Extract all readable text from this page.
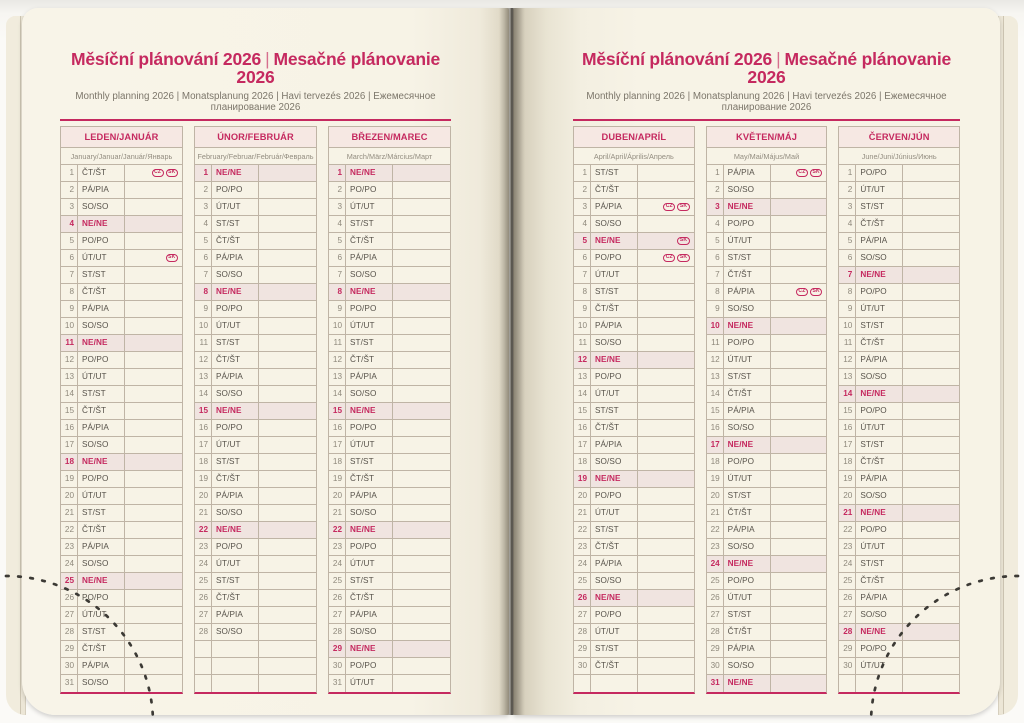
Měsíční plánování 2026 | Mesačné plánovanie 2026
Monthly planning 2026 | Monatsplanung 2026 | Havi tervezés 2026 | Ежемесячное планирование 2026
LEDEN/JANUÁR
January/Januar/Január/Январь
1 ČT/ŠT	CZ	SK
2 PÁ/PIA
3 SO/SO
4 NE/NE
5 PO/PO
6 ÚT/UT	SK
7 ST/ST
8 ČT/ŠT
9 PÁ/PIA
10 SO/SO
11 NE/NE
12 PO/PO
13 ÚT/UT
14 ST/ST
15 ČT/ŠT
16 PÁ/PIA
17 SO/SO
18 NE/NE
19 PO/PO
20 ÚT/UT
21 ST/ST
22 ČT/ŠT
23 PÁ/PIA
24 SO/SO
25 NE/NE
26 PO/PO
27 ÚT/UT
28 ST/ST
29 ČT/ŠT
30 PÁ/PIA
31 SO/SO
ÚNOR/FEBRUÁR
February/Februar/Február/Февраль
1 NE/NE
2 PO/PO
3 ÚT/UT
4 ST/ST
5 ČT/ŠT
6 PÁ/PIA
7 SO/SO
8 NE/NE
9 PO/PO
10 ÚT/UT
11 ST/ST
12 ČT/ŠT
13 PÁ/PIA
14 SO/SO
15 NE/NE
16 PO/PO
17 ÚT/UT
18 ST/ST
19 ČT/ŠT
20 PÁ/PIA
21 SO/SO
22 NE/NE
23 PO/PO
24 ÚT/UT
25 ST/ST
26 ČT/ŠT
27 PÁ/PIA
28 SO/SO
BŘEZEN/MAREC
March/März/Március/Март
1 NE/NE
2 PO/PO
3 ÚT/UT
4 ST/ST
5 ČT/ŠT
6 PÁ/PIA
7 SO/SO
8 NE/NE
9 PO/PO
10 ÚT/UT
11 ST/ST
12 ČT/ŠT
13 PÁ/PIA
14 SO/SO
15 NE/NE
16 PO/PO
17 ÚT/UT
18 ST/ST
19 ČT/ŠT
20 PÁ/PIA
21 SO/SO
22 NE/NE
23 PO/PO
24 ÚT/UT
25 ST/ST
26 ČT/ŠT
27 PÁ/PIA
28 SO/SO
29 NE/NE
30 PO/PO
31 ÚT/UT
Měsíční plánování 2026 | Mesačné plánovanie 2026
Monthly planning 2026 | Monatsplanung 2026 | Havi tervezés 2026 | Ежемесячное планирование 2026
DUBEN/APRÍL
April/April/Április/Апрель
1 ST/ST
2 ČT/ŠT
3 PÁ/PIA	CZ	SK
4 SO/SO
5 NE/NE	SK
6 PO/PO	CZ	SK
7 ÚT/UT
8 ST/ST
9 ČT/ŠT
10 PÁ/PIA
11 SO/SO
12 NE/NE
13 PO/PO
14 ÚT/UT
15 ST/ST
16 ČT/ŠT
17 PÁ/PIA
18 SO/SO
19 NE/NE
20 PO/PO
21 ÚT/UT
22 ST/ST
23 ČT/ŠT
24 PÁ/PIA
25 SO/SO
26 NE/NE
27 PO/PO
28 ÚT/UT
29 ST/ST
30 ČT/ŠT
KVĚTEN/MÁJ
May/Mai/Május/Май
1 PÁ/PIA	CZ	SK
2 SO/SO
3 NE/NE
4 PO/PO
5 ÚT/UT
6 ST/ST
7 ČT/ŠT
8 PÁ/PIA	CZ	SK
9 SO/SO
10 NE/NE
11 PO/PO
12 ÚT/UT
13 ST/ST
14 ČT/ŠT
15 PÁ/PIA
16 SO/SO
17 NE/NE
18 PO/PO
19 ÚT/UT
20 ST/ST
21 ČT/ŠT
22 PÁ/PIA
23 SO/SO
24 NE/NE
25 PO/PO
26 ÚT/UT
27 ST/ST
28 ČT/ŠT
29 PÁ/PIA
30 SO/SO
31 NE/NE
ČERVEN/JÚN
June/Juni/Június/Июнь
1 PO/PO
2 ÚT/UT
3 ST/ST
4 ČT/ŠT
5 PÁ/PIA
6 SO/SO
7 NE/NE
8 PO/PO
9 ÚT/UT
10 ST/ST
11 ČT/ŠT
12 PÁ/PIA
13 SO/SO
14 NE/NE
15 PO/PO
16 ÚT/UT
17 ST/ST
18 ČT/ŠT
19 PÁ/PIA
20 SO/SO
21 NE/NE
22 PO/PO
23 ÚT/UT
24 ST/ST
25 ČT/ŠT
26 PÁ/PIA
27 SO/SO
28 NE/NE
29 PO/PO
30 ÚT/UT
